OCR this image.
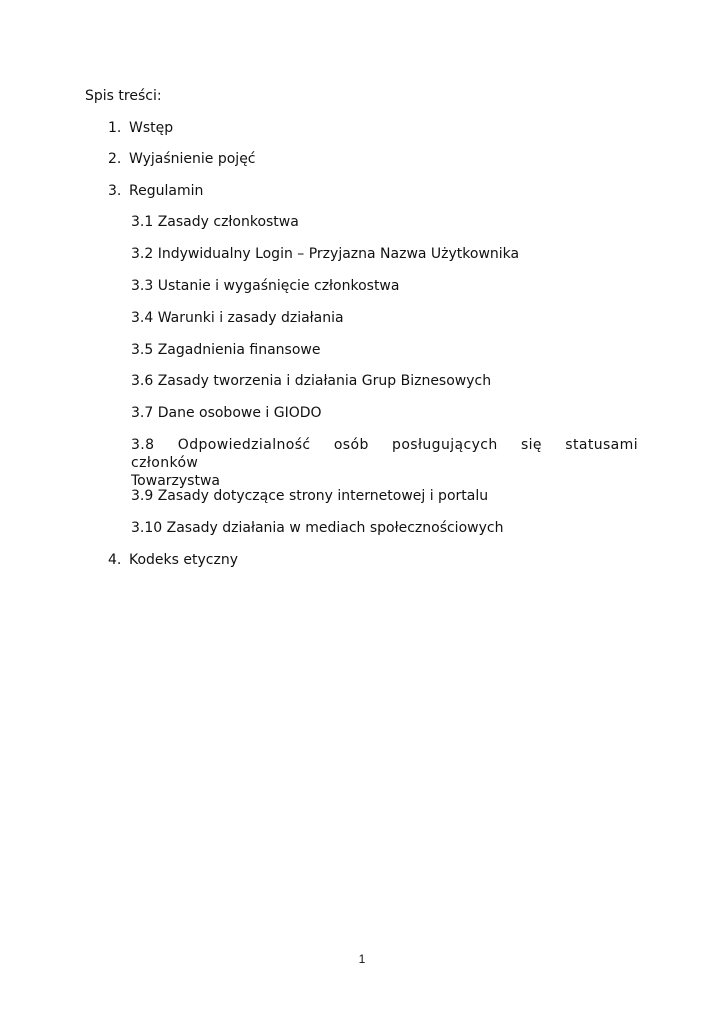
Spis treści:
1. Wstęp
2. Wyjaśnienie pojęć
3. Regulamin
3.1 Zasady członkostwa
3.2 Indywidualny Login – Przyjazna Nazwa Użytkownika
3.3 Ustanie i wygaśnięcie członkostwa
3.4 Warunki i zasady działania
3.5 Zagadnienia finansowe
3.6 Zasady tworzenia i działania Grup Biznesowych
3.7 Dane osobowe i GIODO
3.8 Odpowiedzialność osób posługujących się statusami członków
Towarzystwa
3.9 Zasady dotyczące strony internetowej i portalu
3.10 Zasady działania w mediach społecznościowych
4. Kodeks etyczny
1
